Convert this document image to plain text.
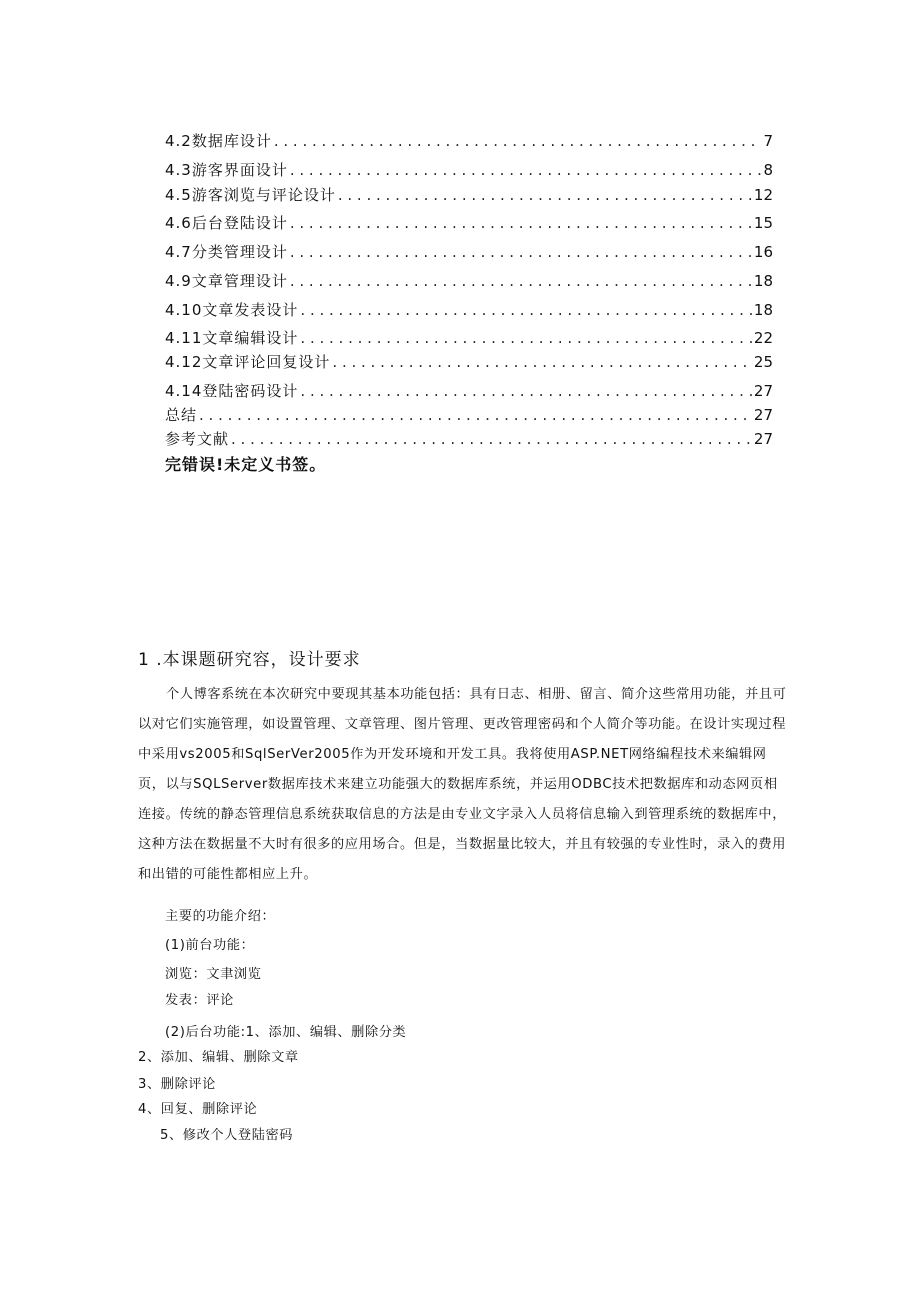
4.2数据库设计 . . .	7
4.3游客界面设计 . . .	8
4.5游客浏览与评论设计 . . .	12
4.6后台登陆设计 . . .	15
4.7分类管理设计 . . .	16
4.9文章管理设计 . . .	18
4.10文章发表设计 . . .	18
4.11文章编辑设计 . . .	22
4.12文章评论回复设计 . . .	25
4.14登陆密码设计 . . .	27
总结 . . .	27
参考文献 . . .	27
完错误!未定义书签。
1 .本课题研究容，设计要求

个人博客系统在本次研究中要现其基本功能包括：具有日志、相册、留言、简介这些常用功能，并且可以对它们实施管理，如设置管理、文章管理、图片管理、更改管理密码和个人简介等功能。在设计实现过程中采用vs2005和SqlSerVer2005作为开发环境和开发工具。我将使用ASP.NET网络编程技术来编辑网页，以与SQLServer数据库技术来建立功能强大的数据库系统，并运用ODBC技术把数据库和动态网页相连接。传统的静态管理信息系统获取信息的方法是由专业文字录入人员将信息输入到管理系统的数据库中，这种方法在数据量不大时有很多的应用场合。但是，当数据量比较大，并且有较强的专业性时，录入的费用和出错的可能性都相应上升。

主要的功能介绍：
(1)前台功能：
浏览：文聿浏览
发表：评论
(2)后台功能:1、添加、编辑、删除分类
2、添加、编辑、删除文章
3、删除评论
4、回复、删除评论
5、修改个人登陆密码
